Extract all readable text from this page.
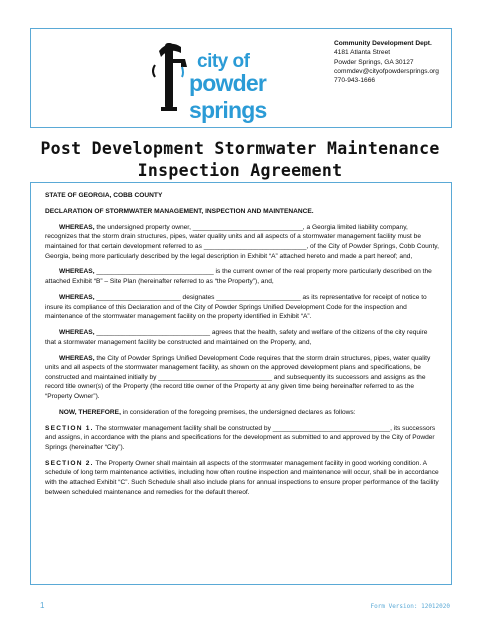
city of
powder springs
Community Development Dept.
4181 Atlanta Street
Powder Springs, GA 30127
commdev@cityofpowdersprings.org
770-943-1666
Post Development Stormwater Maintenance
Inspection Agreement

STATE OF GEORGIA, COBB COUNTY

DECLARATION OF STORMWATER MANAGEMENT, INSPECTION AND MAINTENANCE.

WHEREAS, the undersigned property owner, ______________________________, a Georgia limited liability company, recognizes that the storm drain structures, pipes, water quality units and all aspects of a stormwater management facility must be maintained for that certain development referred to as ____________________________, of the City of Powder Springs, Cobb County, Georgia, being more particularly described by the legal description in Exhibit “A” attached hereto and made a part hereof; and,

WHEREAS, ________________________________ is the current owner of the real property more particularly described on the attached Exhibit “B” – Site Plan (hereinafter referred to as “the Property”), and,

WHEREAS, _______________________ designates _______________________ as its representative for receipt of notice to insure its compliance of this Declaration and of the City of Powder Springs Unified Development Code for the inspection and maintenance of the stormwater management facility on the property identified in Exhibit “A”.

WHEREAS, _______________________________ agrees that the health, safety and welfare of the citizens of the city require that a stormwater management facility be constructed and maintained on the Property, and,

WHEREAS, the City of Powder Springs Unified Development Code requires that the storm drain structures, pipes, water quality units and all aspects of the stormwater management facility, as shown on the approved development plans and specifications, be constructed and maintained initially by _______________________________ and subsequently its successors and assigns as the record title owner(s) of the Property (the record title owner of the Property at any given time being hereinafter referred to as the “Property Owner”).

NOW, THEREFORE, in consideration of the foregoing premises, the undersigned declares as follows:

SECTION 1. The stormwater management facility shall be constructed by ________________________________, its successors and assigns, in accordance with the plans and specifications for the development as submitted to and approved by the City of Powder Springs (hereinafter “City”).

SECTION 2. The Property Owner shall maintain all aspects of the stormwater management facility in good working condition. A schedule of long term maintenance activities, including how often routine inspection and maintenance will occur, shall be in accordance with the attached Exhibit “C”. Such Schedule shall also include plans for annual inspections to ensure proper performance of the facility between scheduled maintenance and remedies for the default thereof.

1	Form Version: 12012020
